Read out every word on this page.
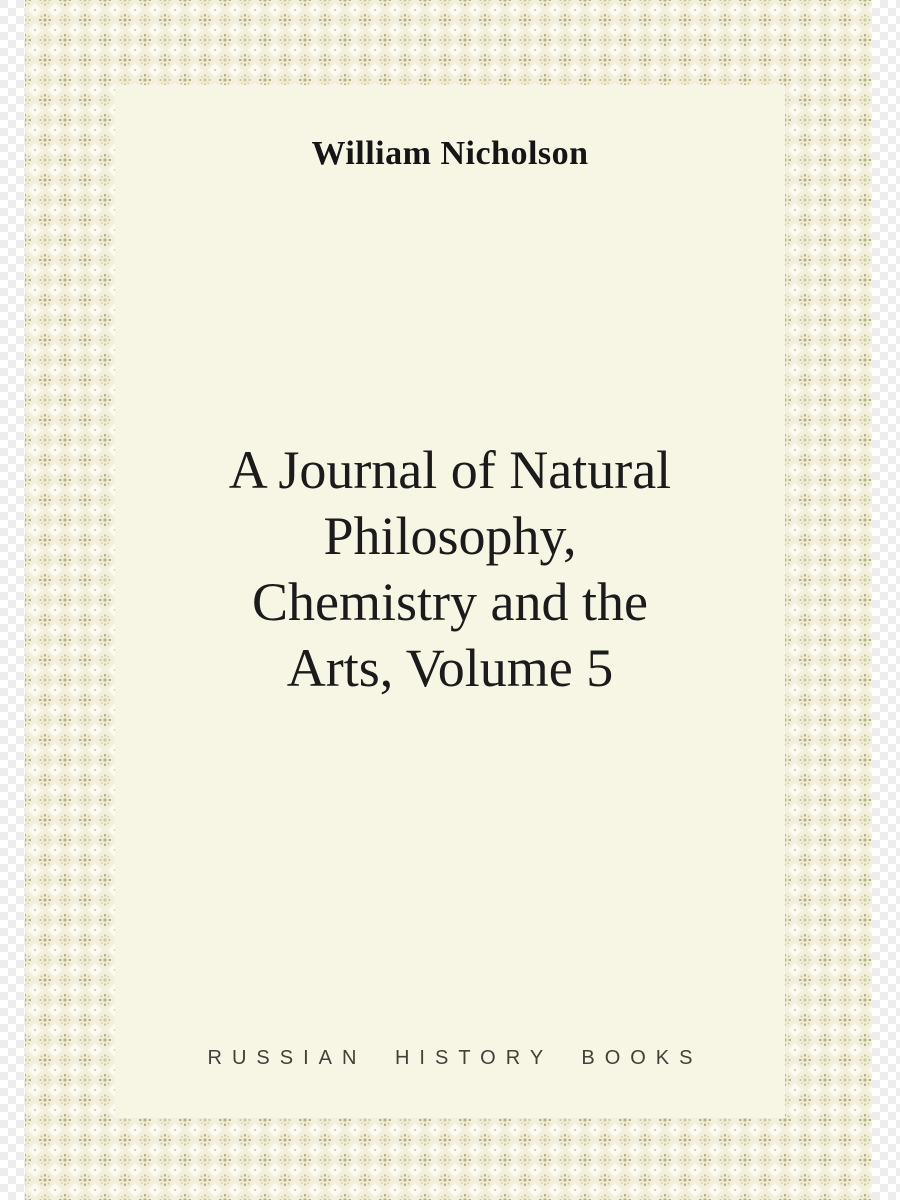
William Nicholson
A Journal of Natural
Philosophy,
Chemistry and the
Arts, Volume 5
RUSSIAN HISTORY BOOKS
